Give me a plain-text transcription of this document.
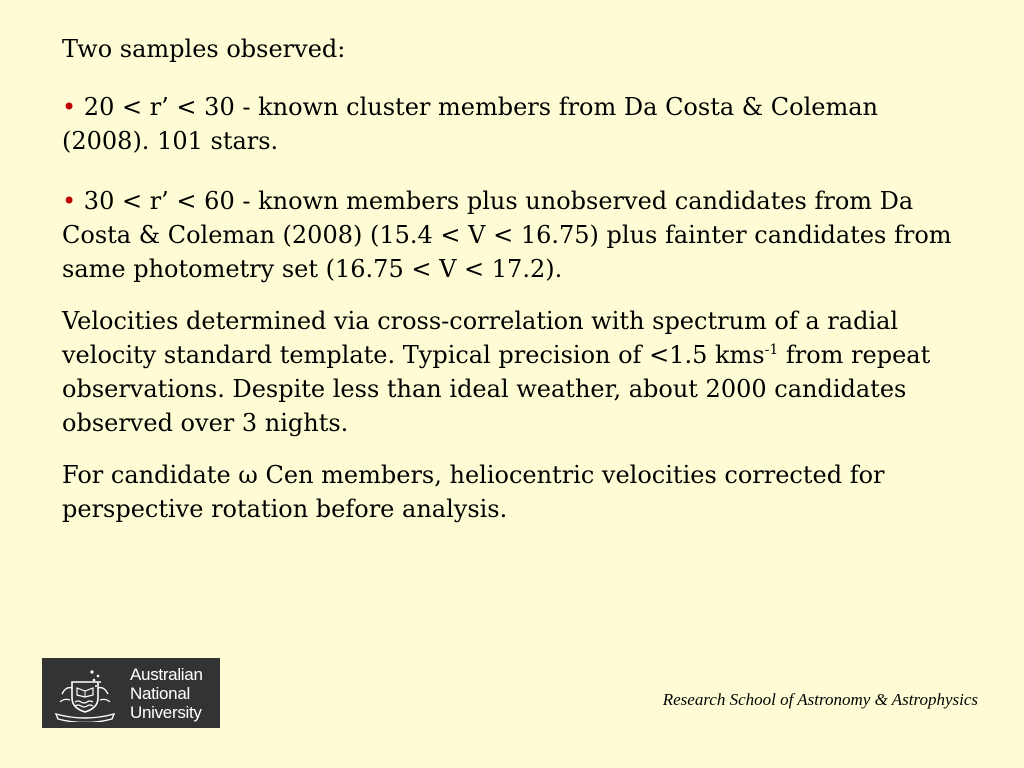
Two samples observed:

• 20 < r’ < 30 - known cluster members from Da Costa & Coleman (2008). 101 stars.

• 30 < r’ < 60 - known members plus unobserved candidates from Da Costa & Coleman (2008) (15.4 < V < 16.75) plus fainter candidates from same photometry set (16.75 < V < 17.2).

Velocities determined via cross-correlation with spectrum of a radial velocity standard template. Typical precision of <1.5 kms$^{-1}$ from repeat observations. Despite less than ideal weather, about 2000 candidates observed over 3 nights.

For candidate ω Cen members, heliocentric velocities corrected for perspective rotation before analysis.

Australian
National
University
Research School of Astronomy & Astrophysics
